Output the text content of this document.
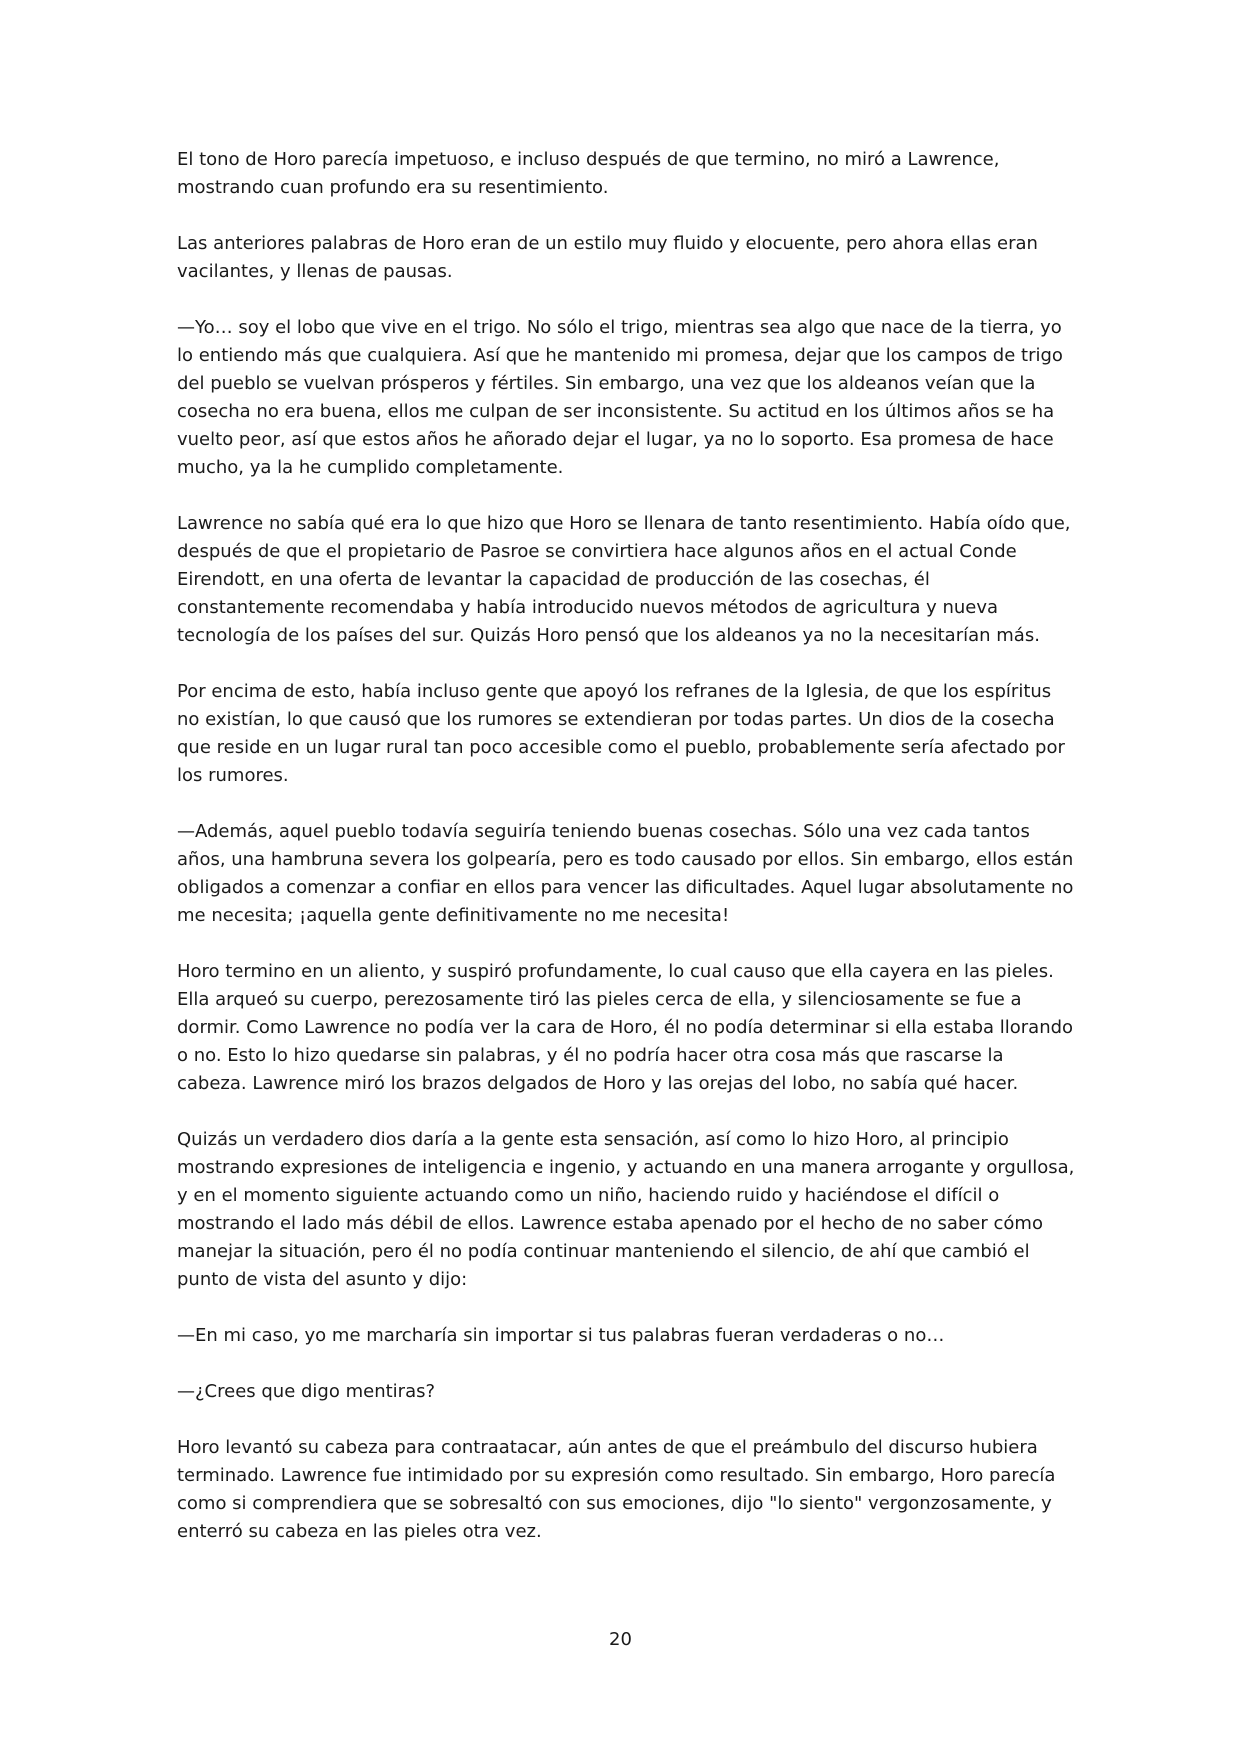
El tono de Horo parecía impetuoso, e incluso después de que termino, no miró a Lawrence, mostrando cuan profundo era su resentimiento.

Las anteriores palabras de Horo eran de un estilo muy fluido y elocuente, pero ahora ellas eran vacilantes, y llenas de pausas.

—Yo… soy el lobo que vive en el trigo. No sólo el trigo, mientras sea algo que nace de la tierra, yo lo entiendo más que cualquiera. Así que he mantenido mi promesa, dejar que los campos de trigo del pueblo se vuelvan prósperos y fértiles. Sin embargo, una vez que los aldeanos veían que la cosecha no era buena, ellos me culpan de ser inconsistente. Su actitud en los últimos años se ha vuelto peor, así que estos años he añorado dejar el lugar, ya no lo soporto. Esa promesa de hace mucho, ya la he cumplido completamente.

Lawrence no sabía qué era lo que hizo que Horo se llenara de tanto resentimiento. Había oído que, después de que el propietario de Pasroe se convirtiera hace algunos años en el actual Conde Eirendott, en una oferta de levantar la capacidad de producción de las cosechas, él constantemente recomendaba y había introducido nuevos métodos de agricultura y nueva tecnología de los países del sur. Quizás Horo pensó que los aldeanos ya no la necesitarían más.

Por encima de esto, había incluso gente que apoyó los refranes de la Iglesia, de que los espíritus no existían, lo que causó que los rumores se extendieran por todas partes. Un dios de la cosecha que reside en un lugar rural tan poco accesible como el pueblo, probablemente sería afectado por los rumores.

—Además, aquel pueblo todavía seguiría teniendo buenas cosechas. Sólo una vez cada tantos años, una hambruna severa los golpearía, pero es todo causado por ellos. Sin embargo, ellos están obligados a comenzar a confiar en ellos para vencer las dificultades. Aquel lugar absolutamente no me necesita; ¡aquella gente definitivamente no me necesita!

Horo termino en un aliento, y suspiró profundamente, lo cual causo que ella cayera en las pieles. Ella arqueó su cuerpo, perezosamente tiró las pieles cerca de ella, y silenciosamente se fue a dormir. Como Lawrence no podía ver la cara de Horo, él no podía determinar si ella estaba llorando o no. Esto lo hizo quedarse sin palabras, y él no podría hacer otra cosa más que rascarse la cabeza. Lawrence miró los brazos delgados de Horo y las orejas del lobo, no sabía qué hacer.

Quizás un verdadero dios daría a la gente esta sensación, así como lo hizo Horo, al principio mostrando expresiones de inteligencia e ingenio, y actuando en una manera arrogante y orgullosa, y en el momento siguiente actuando como un niño, haciendo ruido y haciéndose el difícil o mostrando el lado más débil de ellos. Lawrence estaba apenado por el hecho de no saber cómo manejar la situación, pero él no podía continuar manteniendo el silencio, de ahí que cambió el punto de vista del asunto y dijo:

—En mi caso, yo me marcharía sin importar si tus palabras fueran verdaderas o no…

—¿Crees que digo mentiras?

Horo levantó su cabeza para contraatacar, aún antes de que el preámbulo del discurso hubiera terminado. Lawrence fue intimidado por su expresión como resultado. Sin embargo, Horo parecía como si comprendiera que se sobresaltó con sus emociones, dijo "lo siento" vergonzosamente, y enterró su cabeza en las pieles otra vez.

20
